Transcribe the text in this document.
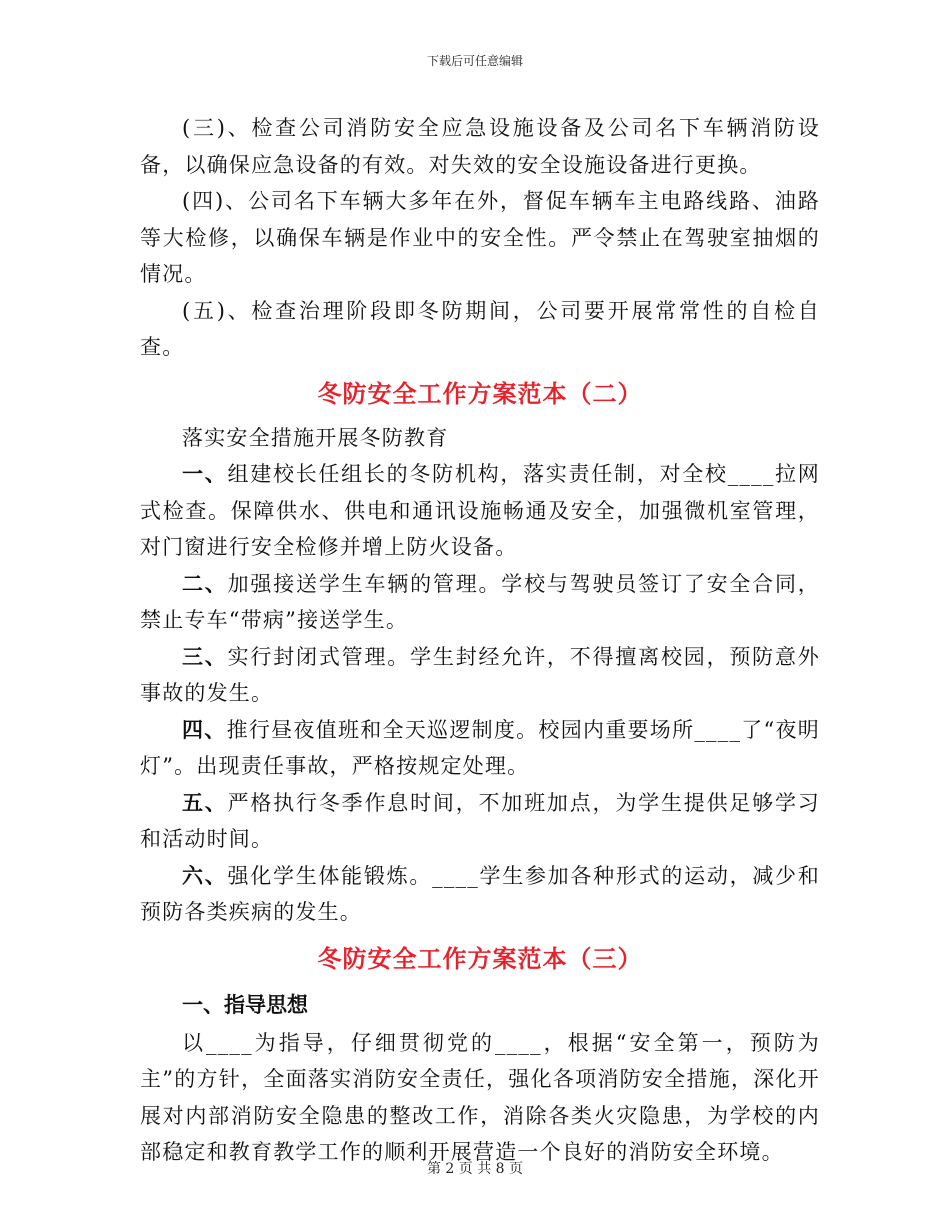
下载后可任意编辑

(三)、检查公司消防安全应急设施设备及公司名下车辆消防设备，以确保应急设备的有效。对失效的安全设施设备进行更换。

(四)、公司名下车辆大多年在外，督促车辆车主电路线路、油路等大检修，以确保车辆是作业中的安全性。严令禁止在驾驶室抽烟的情况。

(五)、检查治理阶段即冬防期间，公司要开展常常性的自检自查。

冬防安全工作方案范本（二）

落实安全措施开展冬防教育

一、组建校长任组长的冬防机构，落实责任制，对全校____拉网式检查。保障供水、供电和通讯设施畅通及安全，加强微机室管理，对门窗进行安全检修并增上防火设备。

二、加强接送学生车辆的管理。学校与驾驶员签订了安全合同，禁止专车“带病”接送学生。

三、实行封闭式管理。学生封经允许，不得擅离校园，预防意外事故的发生。

四、推行昼夜值班和全天巡逻制度。校园内重要场所____了“夜明灯”。出现责任事故，严格按规定处理。

五、严格执行冬季作息时间，不加班加点，为学生提供足够学习和活动时间。

六、强化学生体能锻炼。____学生参加各种形式的运动，减少和预防各类疾病的发生。

冬防安全工作方案范本（三）
一、指导思想

以____为指导，仔细贯彻党的____，根据“安全第一，预防为主”的方针，全面落实消防安全责任，强化各项消防安全措施，深化开展对内部消防安全隐患的整改工作，消除各类火灾隐患，为学校的内部稳定和教育教学工作的顺利开展营造一个良好的消防安全环境。

第 2 页 共 8 页
